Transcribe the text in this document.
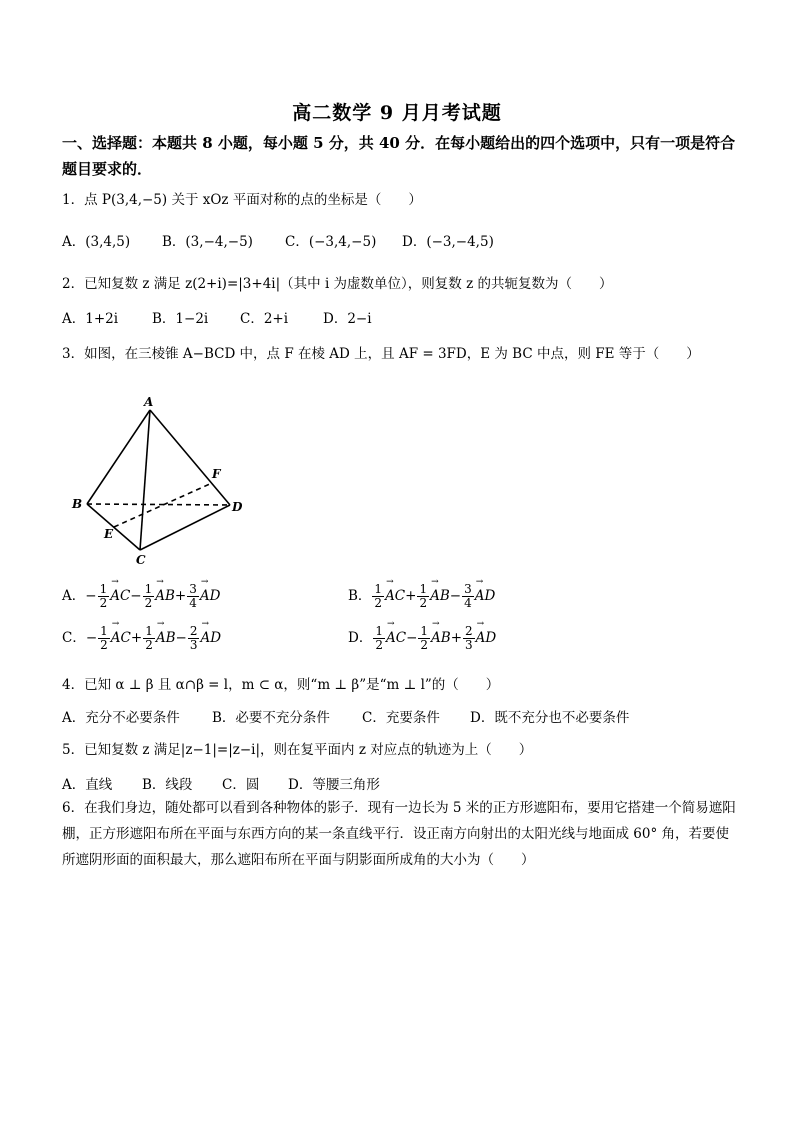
高二数学 9 月月考试题
一、选择题：本题共 8 小题，每小题 5 分，共 40 分．在每小题给出的四个选项中，只有一项是符合题目要求的．
1．点 P(3,4,−5) 关于 xOz 平面对称的点的坐标是（　　）
A．(3,4,5) B．(3,−4,−5) C．(−3,4,−5) D．(−3,−4,5)
2．已知复数 z 满足 z(2+i)=|3+4i|（其中 i 为虚数单位），则复数 z 的共轭复数为（　　）
A．1+2i	B．1−2i C．2+i	D．2−i
3．如图，在三棱锥 A−BCD 中，点 F 在棱 AD 上，且 AF = 3FD，E 为 BC 中点，则 FE 等于（　　）
A
B
C
D
E
F
A．− $\frac{1}{2}$
→ $AC- \frac{1}{2}$
→ $AB+ \frac{3}{4}$
→ AD	B． $\frac{1}{2}$
→ $AC+ \frac{1}{2}$
→ $AB- \frac{3}{4}$
→ AD
C．− $\frac{1}{2}$
→ $AC+ \frac{1}{2}$
→ $AB- \frac{2}{3}$
→ AD	D． $\frac{1}{2}$
→ $AC- \frac{1}{2}$
→ $AB+ \frac{2}{3}$
→ AD
4．已知 α ⊥ β 且 α∩β = l，m ⊂ α，则“m ⊥ β”是“m ⊥ l”的（　　）
A．充分不必要条件 B．必要不充分条件 C．充要条件 D．既不充分也不必要条件
5．已知复数 z 满足|z−1|=|z−i|，则在复平面内 z 对应点的轨迹为上（　　）
A．直线 B．线段 C．圆 D．等腰三角形
6．在我们身边，随处都可以看到各种物体的影子．现有一边长为 5 米的正方形遮阳布，要用它搭建一个简易遮阳棚，正方形遮阳布所在平面与东西方向的某一条直线平行．设正南方向射出的太阳光线与地面成 60° 角，若要使所遮阴形面的面积最大，那么遮阳布所在平面与阴影面所成角的大小为（　　）
